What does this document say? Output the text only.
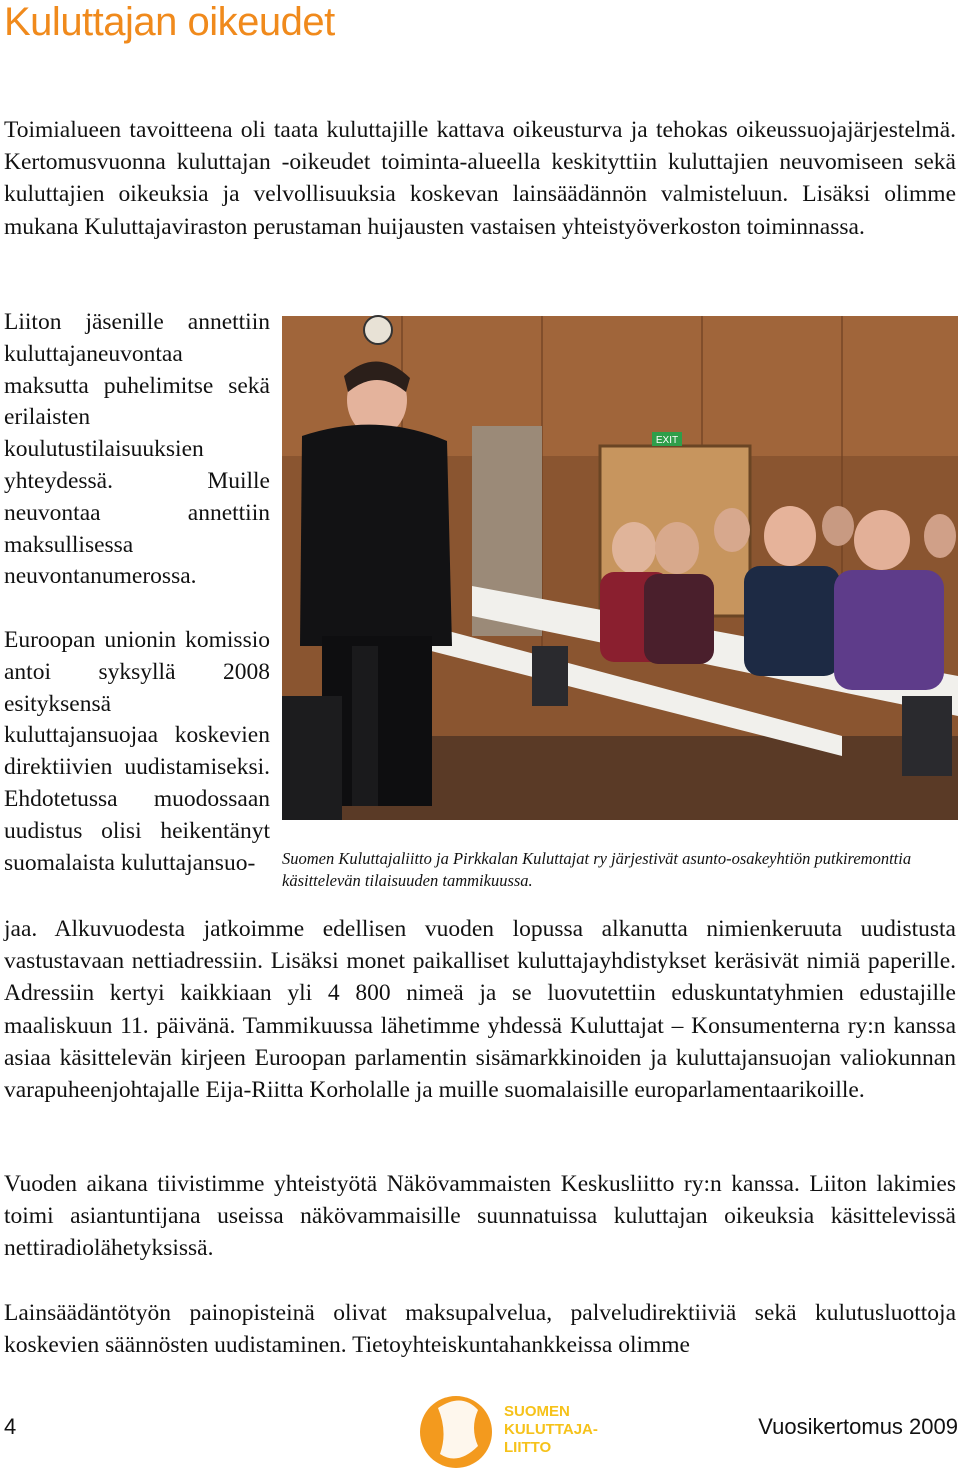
Kuluttajan oikeudet

Toimialueen tavoitteena oli taata kuluttajille kattava oikeusturva ja tehokas oikeussuojajärjestelmä. Kertomusvuonna kuluttajan -oikeudet toiminta-alueella keskityttiin kuluttajien neuvomiseen sekä kuluttajien oikeuksia ja velvollisuuksia koskevan lainsäädännön valmisteluun. Lisäksi olimme mukana Kuluttajaviraston perustaman huijausten vastaisen yhteistyöverkoston toiminnassa.

Liiton jäsenille annettiin kuluttajaneuvontaa maksutta puhelimitse sekä erilaisten koulutustilaisuuksien yhteydessä. Muille neuvontaa annettiin maksullisessa neuvontanumerossa.

Euroopan unionin komissio antoi syksyllä 2008 esityksensä kuluttajansuojaa koskevien direktiivien uudistamiseksi. Ehdotetussa muodossaan uudistus olisi heikentänyt suomalaista kuluttajansuo-

EXIT

Suomen Kuluttajaliitto ja Pirkkalan Kuluttajat ry järjestivät asunto-osakeyhtiön putkiremonttia käsittelevän tilaisuuden tammikuussa.

jaa. Alkuvuodesta jatkoimme edellisen vuoden lopussa alkanutta nimienkeruuta uudistusta vastustavaan nettiadressiin. Lisäksi monet paikalliset kuluttajayhdistykset keräsivät nimiä paperille. Adressiin kertyi kaikkiaan yli 4 800 nimeä ja se luovutettiin eduskuntatyhmien edustajille maaliskuun 11. päivänä. Tammikuussa lähetimme yhdessä Kuluttajat – Konsumenterna ry:n kanssa asiaa käsittelevän kirjeen Euroopan parlamentin sisämarkkinoiden ja kuluttajansuojan valiokunnan varapuheenjohtajalle Eija-Riitta Korholalle ja muille suomalaisille europarlamentaarikoille.

Vuoden aikana tiivistimme yhteistyötä Näkövammaisten Keskusliitto ry:n kanssa. Liiton lakimies toimi asiantuntijana useissa näkövammaisille suunnatuissa kuluttajan oikeuksia käsittelevissä nettiradiolähetyksissä.

Lainsäädäntötyön painopisteinä olivat maksupalvelua, palveludirektiiviä sekä kulutusluottoja koskevien säännösten uudistaminen. Tietoyhteiskuntahankkeissa olimme

4
SUOMEN
KULUTTAJA-
LIITTO
Vuosikertomus 2009
